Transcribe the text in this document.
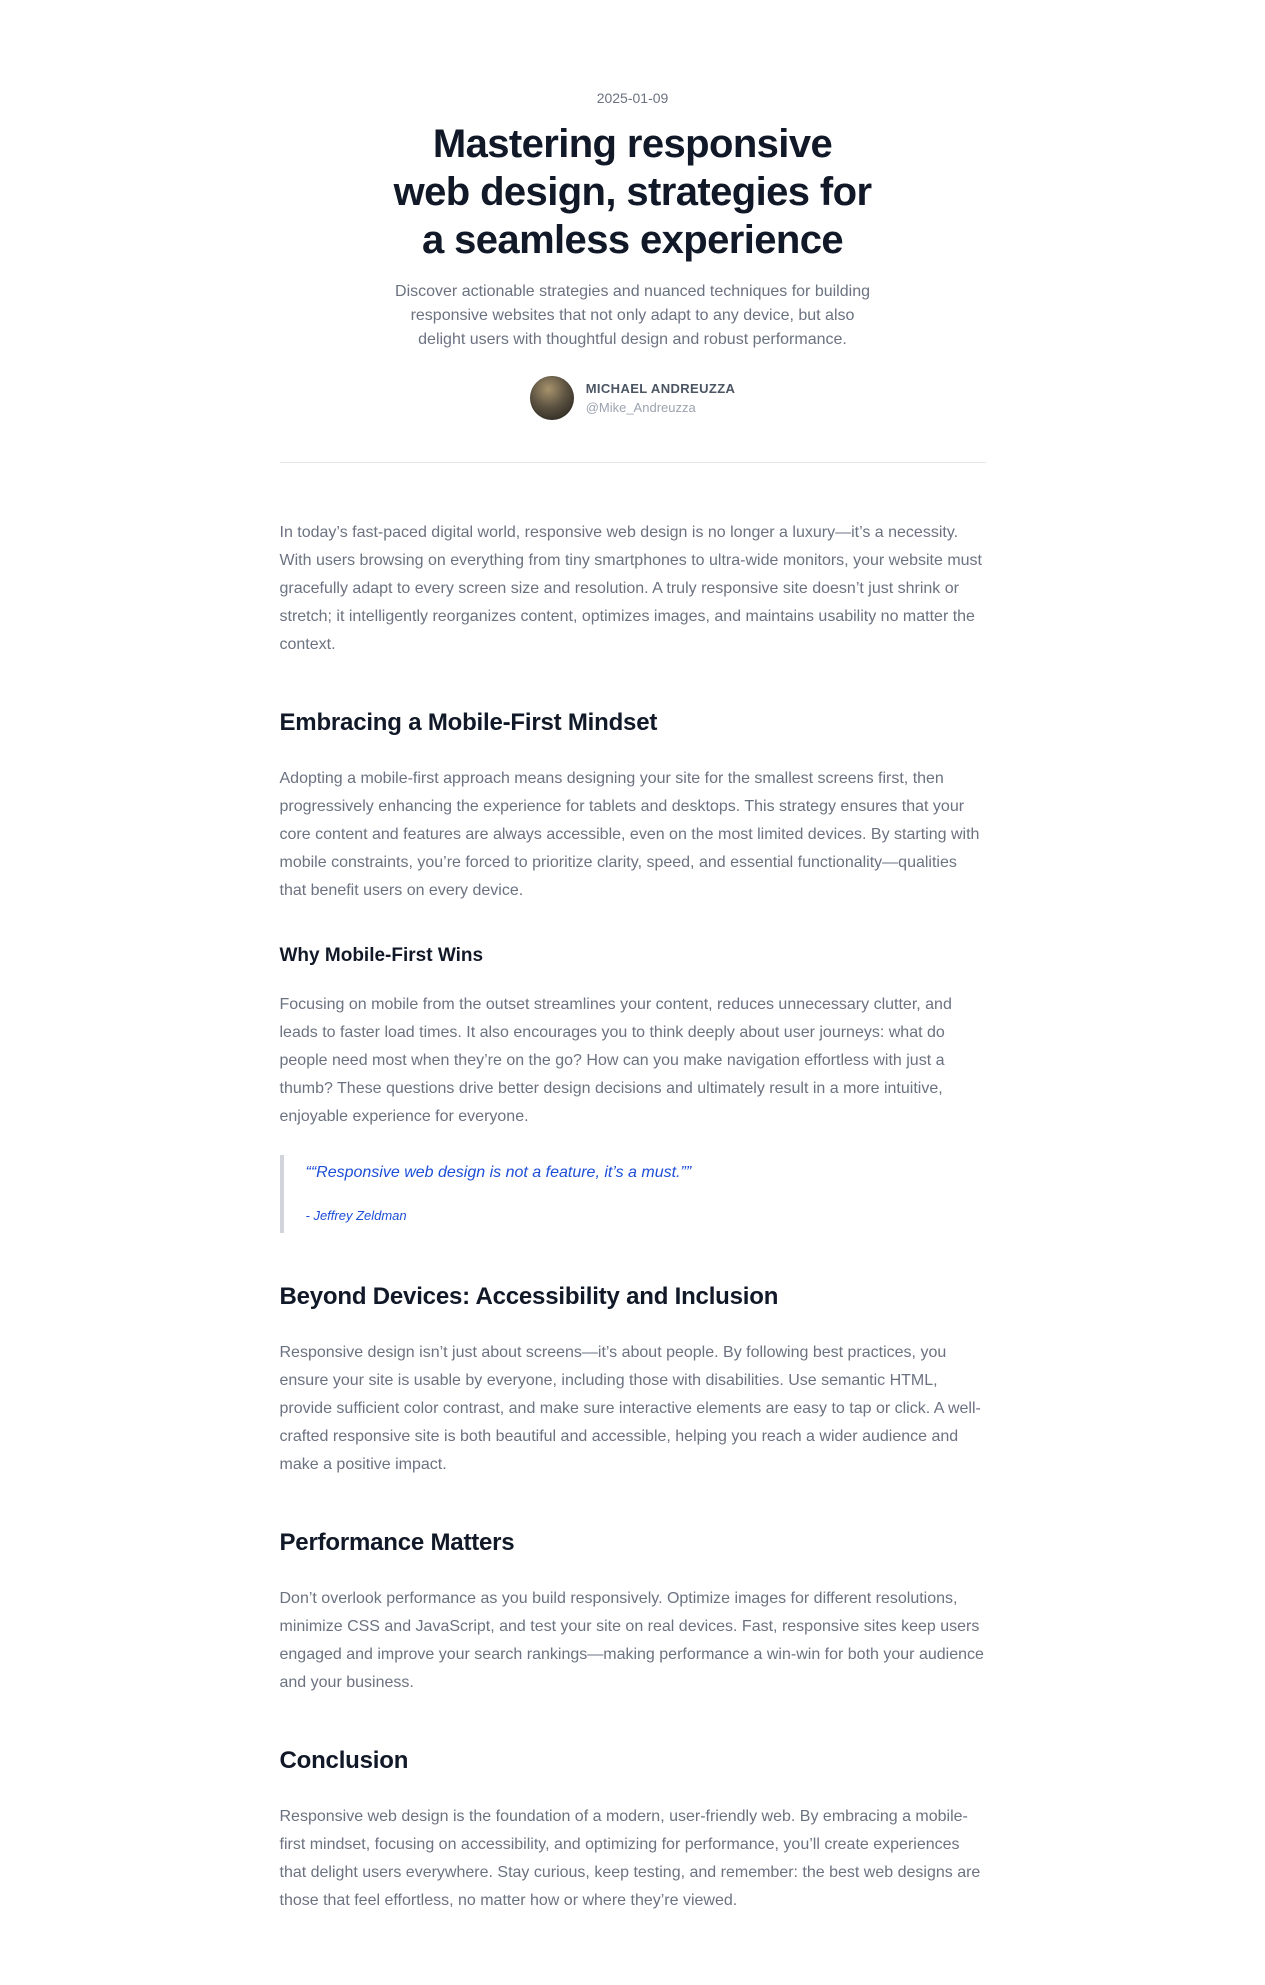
2025-01-09
Mastering responsive
web design, strategies for
a seamless experience

Discover actionable strategies and nuanced techniques for building
responsive websites that not only adapt to any device, but also
delight users with thoughtful design and robust performance.

MICHAEL ANDREUZZA
@Mike_Andreuzza

In today’s fast-paced digital world, responsive web design is no longer a luxury—it’s a necessity. With users browsing on everything from tiny smartphones to ultra-wide monitors, your website must gracefully adapt to every screen size and resolution. A truly responsive site doesn’t just shrink or stretch; it intelligently reorganizes content, optimizes images, and maintains usability no matter the context.

Embracing a Mobile-First Mindset

Adopting a mobile-first approach means designing your site for the smallest screens first, then progressively enhancing the experience for tablets and desktops. This strategy ensures that your core content and features are always accessible, even on the most limited devices. By starting with mobile constraints, you’re forced to prioritize clarity, speed, and essential functionality—qualities that benefit users on every device.

Why Mobile-First Wins

Focusing on mobile from the outset streamlines your content, reduces unnecessary clutter, and leads to faster load times. It also encourages you to think deeply about user journeys: what do people need most when they’re on the go? How can you make navigation effortless with just a thumb? These questions drive better design decisions and ultimately result in a more intuitive, enjoyable experience for everyone.

““Responsive web design is not a feature, it’s a must.””

- Jeffrey Zeldman
Beyond Devices: Accessibility and Inclusion

Responsive design isn’t just about screens—it’s about people. By following best practices, you ensure your site is usable by everyone, including those with disabilities. Use semantic HTML, provide sufficient color contrast, and make sure interactive elements are easy to tap or click. A well-crafted responsive site is both beautiful and accessible, helping you reach a wider audience and make a positive impact.

Performance Matters

Don’t overlook performance as you build responsively. Optimize images for different resolutions, minimize CSS and JavaScript, and test your site on real devices. Fast, responsive sites keep users engaged and improve your search rankings—making performance a win-win for both your audience and your business.

Conclusion

Responsive web design is the foundation of a modern, user-friendly web. By embracing a mobile-first mindset, focusing on accessibility, and optimizing for performance, you’ll create experiences that delight users everywhere. Stay curious, keep testing, and remember: the best web designs are those that feel effortless, no matter how or where they’re viewed.
